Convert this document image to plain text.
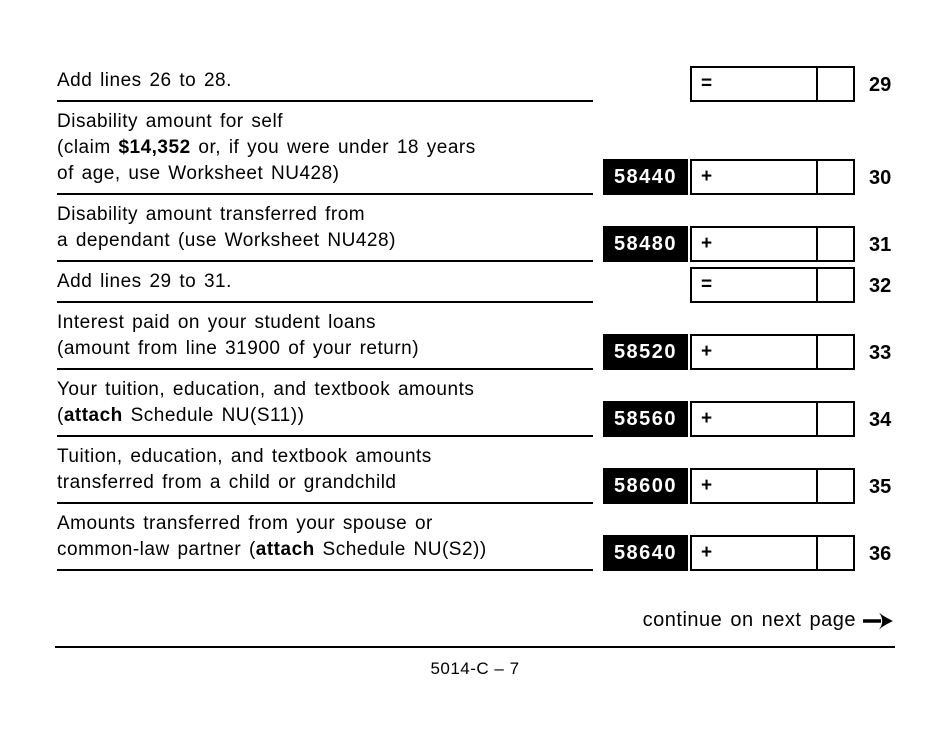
Add lines 26 to 28.	=	29
Disability amount for self
(claim $14,352 or, if you were under 18 years
of age, use Worksheet NU428)	58440	+	30
Disability amount transferred from
a dependant (use Worksheet NU428)	58480	+	31
Add lines 29 to 31.	=	32
Interest paid on your student loans
(amount from line 31900 of your return)	58520	+	33
Your tuition, education, and textbook amounts
(attach Schedule NU(S11))	58560	+	34
Tuition, education, and textbook amounts
transferred from a child or grandchild	58600	+	35
Amounts transferred from your spouse or
common-law partner (attach Schedule NU(S2))	58640	+	36
continue on next page
5014-C – 7
